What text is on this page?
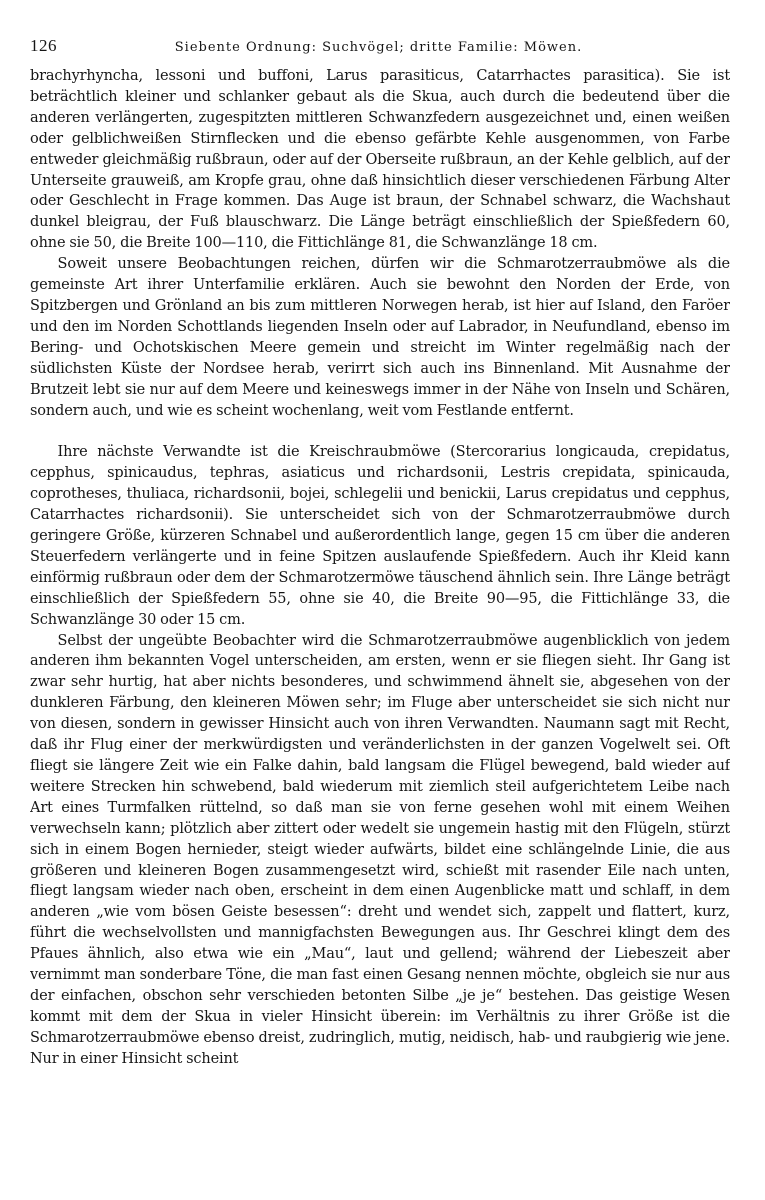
126	Siebente Ordnung: Suchvögel; dritte Familie: Möwen.

brachyrhyncha, lessoni und buffoni, Larus parasiticus, Catarrhactes parasitica). Sie ist beträchtlich kleiner und schlanker gebaut als die Skua, auch durch die bedeutend über die anderen verlängerten, zugespitzten mittleren Schwanzfedern ausgezeichnet und, einen weißen oder gelblichweißen Stirnflecken und die ebenso gefärbte Kehle ausgenommen, von Farbe entweder gleichmäßig rußbraun, oder auf der Oberseite rußbraun, an der Kehle gelblich, auf der Unterseite grauweiß, am Kropfe grau, ohne daß hinsichtlich dieser verschiedenen Färbung Alter oder Geschlecht in Frage kommen. Das Auge ist braun, der Schnabel schwarz, die Wachshaut dunkel bleigrau, der Fuß blauschwarz. Die Länge beträgt einschließlich der Spießfedern 60, ohne sie 50, die Breite 100—110, die Fittichlänge 81, die Schwanzlänge 18 cm.

Soweit unsere Beobachtungen reichen, dürfen wir die Schmarotzerraubmöwe als die gemeinste Art ihrer Unterfamilie erklären. Auch sie bewohnt den Norden der Erde, von Spitzbergen und Grönland an bis zum mittleren Norwegen herab, ist hier auf Island, den Faröer und den im Norden Schottlands liegenden Inseln oder auf Labrador, in Neufundland, ebenso im Bering- und Ochotskischen Meere gemein und streicht im Winter regelmäßig nach der südlichsten Küste der Nordsee herab, verirrt sich auch ins Binnenland. Mit Ausnahme der Brutzeit lebt sie nur auf dem Meere und keineswegs immer in der Nähe von Inseln und Schären, sondern auch, und wie es scheint wochenlang, weit vom Festlande entfernt.

Ihre nächste Verwandte ist die Kreischraubmöwe (Stercorarius longicauda, crepidatus, cepphus, spinicaudus, tephras, asiaticus und richardsonii, Lestris crepidata, spinicauda, coprotheses, thuliaca, richardsonii, bojei, schlegelii und benickii, Larus crepidatus und cepphus, Catarrhactes richardsonii). Sie unterscheidet sich von der Schmarotzerraubmöwe durch geringere Größe, kürzeren Schnabel und außerordentlich lange, gegen 15 cm über die anderen Steuerfedern verlängerte und in feine Spitzen auslaufende Spießfedern. Auch ihr Kleid kann einförmig rußbraun oder dem der Schmarotzermöwe täuschend ähnlich sein. Ihre Länge beträgt einschließlich der Spießfedern 55, ohne sie 40, die Breite 90—95, die Fittichlänge 33, die Schwanzlänge 30 oder 15 cm.

Selbst der ungeübte Beobachter wird die Schmarotzerraubmöwe augenblicklich von jedem anderen ihm bekannten Vogel unterscheiden, am ersten, wenn er sie fliegen sieht. Ihr Gang ist zwar sehr hurtig, hat aber nichts besonderes, und schwimmend ähnelt sie, abgesehen von der dunkleren Färbung, den kleineren Möwen sehr; im Fluge aber unterscheidet sie sich nicht nur von diesen, sondern in gewisser Hinsicht auch von ihren Verwandten. Naumann sagt mit Recht, daß ihr Flug einer der merkwürdigsten und veränderlichsten in der ganzen Vogelwelt sei. Oft fliegt sie längere Zeit wie ein Falke dahin, bald langsam die Flügel bewegend, bald wieder auf weitere Strecken hin schwebend, bald wiederum mit ziemlich steil aufgerichtetem Leibe nach Art eines Turmfalken rüttelnd, so daß man sie von ferne gesehen wohl mit einem Weihen verwechseln kann; plötzlich aber zittert oder wedelt sie ungemein hastig mit den Flügeln, stürzt sich in einem Bogen hernieder, steigt wieder aufwärts, bildet eine schlängelnde Linie, die aus größeren und kleineren Bogen zusammengesetzt wird, schießt mit rasender Eile nach unten, fliegt langsam wieder nach oben, erscheint in dem einen Augenblicke matt und schlaff, in dem anderen „wie vom bösen Geiste besessen“: dreht und wendet sich, zappelt und flattert, kurz, führt die wechselvollsten und mannigfachsten Bewegungen aus. Ihr Geschrei klingt dem des Pfaues ähnlich, also etwa wie ein „Mau“, laut und gellend; während der Liebeszeit aber vernimmt man sonderbare Töne, die man fast einen Gesang nennen möchte, obgleich sie nur aus der einfachen, obschon sehr verschieden betonten Silbe „je je“ bestehen. Das geistige Wesen kommt mit dem der Skua in vieler Hinsicht überein: im Verhältnis zu ihrer Größe ist die Schmarotzerraubmöwe ebenso dreist, zudringlich, mutig, neidisch, hab- und raubgierig wie jene. Nur in einer Hinsicht scheint
